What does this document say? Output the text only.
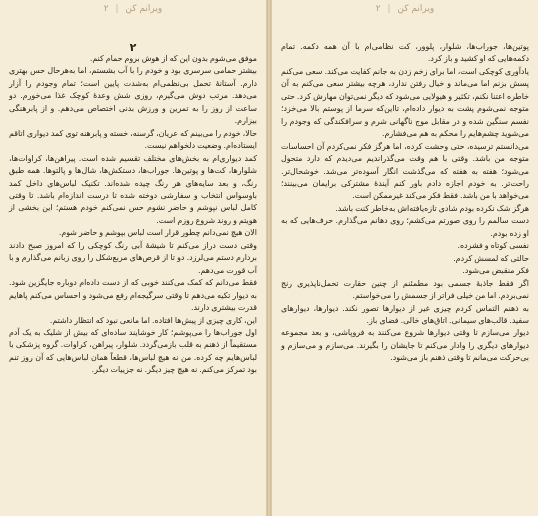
ویرانم کن | ۲
۲

موفق می‌شوم بدون این که از هوش بروم حمام کنم.

بیشتر حمامی سرسری بود و خودم را با آب بشستم، اما به‌هرحال حس بهتری دارم. آستانهٔ تحمل بی‌نظمی‌ام به‌شدت پایین است؛ تمام وجودم را آزار می‌دهد. مرتب دوش می‌گیرم، روزی شش وعدهٔ کوچک غذا می‌خورم. دو ساعت از روز را به تمرین و ورزش بدنی اختصاص می‌دهم. و از پابرهنگی بیزارم.

حالا، خودم را می‌بینم که عریان، گرسنه، خسته و پابرهنه توی کمد دیواری اتاقم ایستاده‌ام. وضعیت دلخواهم نیست.

کمد دیواری‌ام به بخش‌های مختلف تقسیم شده است. پیراهن‌ها، کراوات‌ها، شلوارها، کت‌ها و پوتین‌ها. جوراب‌ها، دستکش‌ها، شال‌ها و پالتوها. همه طبق رنگ، و بعد سایه‌های هر رنگ چیده شده‌اند. تکنیک لباس‌های داخل کمد باوسواس انتخاب و سفارشی دوخته شده تا درست اندازه‌ام باشد. تا وقتی کامل لباس نپوشم و حاضر نشوم حس نمی‌کنم خودم هستم؛ این بخشی از هویتم و روند شروع روزم است.

الان هیچ نمی‌دانم چطور قرار است لباس بپوشم و حاضر شوم.

وقتی دست دراز می‌کنم تا شیشهٔ آبی رنگ کوچکی را که امروز صبح دادند بردارم دستم می‌لرزد. دو تا از قرص‌های مربع‌شکل را روی زبانم می‌گذارم و با آب قورت می‌دهم.

فقط می‌دانم که کمک می‌کنند خوبی که از دست داده‌ام دوباره جایگزین شود. به دیوار تکیه می‌دهم تا وقتی سرگیجه‌ام رفع می‌شود و احساس می‌کنم پاهایم قدرت بیشتری دارند.

این، کاری چیزی از پیش‌ها افتاده. اما مانعی نبود که انتظار داشتم.

اول جوراب‌ها را می‌پوشم؛ کار خوشایند ساده‌ای که بیش از شلیک به یک آدم مستقیماً از ذهنم به قلب بازمی‌گردد. شلوار، پیراهن، کراوات. گروه پزشکی با لباس‌هایم چه کرده. من نه هیچ لباس‌ها، قطعاً همان لباس‌هایی که آن روز تنم بود تمرکز می‌کنم. نه هیچ چیز دیگر. نه جزییات دیگر.

ویرانم کن | ۲

پوتین‌ها، جوراب‌ها، شلوار، پلوور، کت نظامی‌ام با آن همه دکمه. تمام دکمه‌هایی که او کشید و باز کرد.

یادآوری کوچکی است، اما برای زخم زدن به جانم کفایت می‌کند. سعی می‌کنم پسش بزنم اما می‌ماند و خیال رفتن ندارد، هرچه بیشتر سعی می‌کنم به آن خاطره اعتنا نکنم، تکثیر و هیولایی می‌شود که دیگر نمی‌توان مهارش کرد. حتی متوجه نمی‌شوم پشت به دیوار داده‌ام، تااین‌که سرما از پوستم بالا می‌خزد؛ نفسم سنگین شده و در مقابل موج ناگهانی شرم و سرافکندگی که وجودم را می‌شوید چشم‌هایم را محکم به هم می‌فشارم.

می‌دانستم ترسیده، حتی وحشت کرده، اما هرگز فکر نمی‌کردم آن احساسات متوجه من باشد. وقتی با هم وقت می‌گذراندیم می‌دیدم که دارد متحول می‌شود؛ هفته به هفته که می‌گذشت انگار آسوده‌تر می‌شد. خوشحال‌تر. راحت‌تر. به خودم اجازه دادم باور کنم آیندهٔ مشترکی برایمان می‌بینند؛ می‌خواهد با من باشد. فقط فکر می‌کند غیرممکن است.

هرگز شک نکرده بودم شادی تازه‌یافته‌اش به‌خاطر کنت باشد.

دست سالمم را روی صورتم می‌کشم؛ روی دهانم می‌گذارم. حرف‌هایی که به او زده بودم.

نفسی کوتاه و فشرده.

حالتی که لمسش کردم.

فکر منقبض می‌شود.

اگر فقط جاذبهٔ جسمی بود مطمئنم از چنین حقارت تحمل‌ناپذیری رنج نمی‌بردم. اما من خیلی فراتر از جسمش را می‌خواستم.

به ذهنم التماس کردم چیزی غیر از دیوارها تصور نکند. دیوارها، دیوارهای سفید. قالب‌های سیمانی. اتاق‌های خالی. فضای باز.

دیوار می‌سازم تا وقتی دیوارها شروع می‌کنند به فروپاشی، و بعد مجموعه دیوارهای دیگری را وادار می‌کنم تا جایشان را بگیرند. می‌سازم و می‌سازم و بی‌حرکت می‌مانم تا وقتی ذهنم باز می‌شود.
